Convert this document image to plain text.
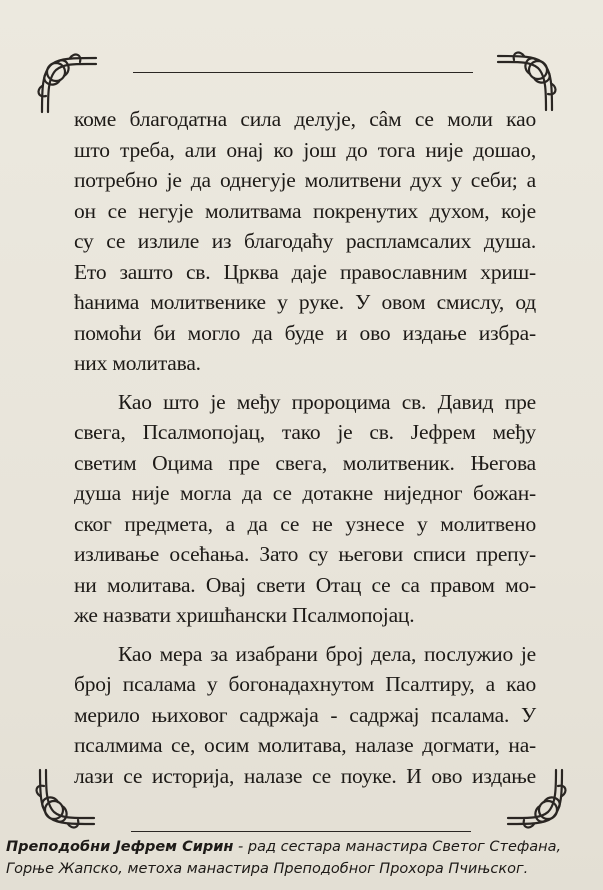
коме благодатна сила делује, сâм се моли као
што треба, али онај ко још до тога није дошао,
потребно је да однегује молитвени дух у себи; а
он се негује молитвама покренутих духом, које
су се излиле из благодаћу распламсалих душа.
Ето зашто св. Црква даје православним хриш-
ћанима молитвенике у руке. У овом смислу, од
помоћи би могло да буде и ово издање избра-
них молитава.
Као што је међу пророцима св. Давид пре
свега, Псалмопојац, тако је св. Јефрем међу
светим Оцима пре свега, молитвеник. Његова
душа није могла да се дотакне ниједног божан-
ског предмета, а да се не узнесе у молитвено
изливање осећања. Зато су његови списи препу-
ни молитава. Овај свети Отац се са правом мо-
же назвати хришћански Псалмопојац.
Као мера за изабрани број дела, послужио је
број псалама у богонадахнутом Псалтиру, а као
мерило њиховог садржаја - садржај псалама. У
псалмима се, осим молитава, налазе догмати, на-
лази се историја, налазе се поуке. И ово издање
Преподобни Јефрем Сирин - рад сестара манастира Светог Стефана,
Горње Жапско, метоха манастира Преподобног Прохора Пчињског.
